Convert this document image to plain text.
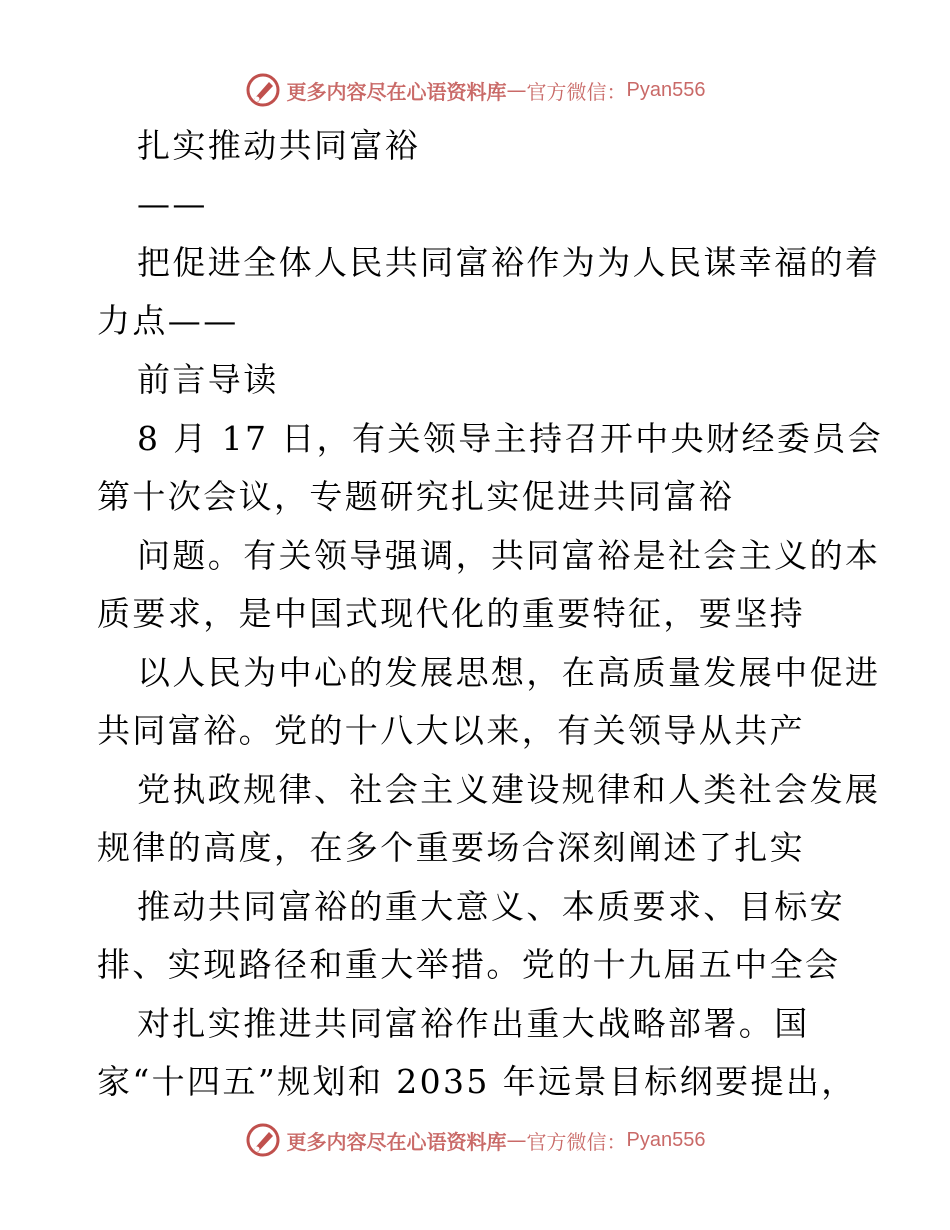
更多内容尽在心语资料库 — 官方微信： Pyan556
扎实推动共同富裕
——
把促进全体人民共同富裕作为为人民谋幸福的着
力点——
前言导读
8 月 17 日，有关领导主持召开中央财经委员会
第十次会议，专题研究扎实促进共同富裕
问题。有关领导强调，共同富裕是社会主义的本
质要求，是中国式现代化的重要特征，要坚持
以人民为中心的发展思想，在高质量发展中促进
共同富裕。党的十八大以来，有关领导从共产
党执政规律、社会主义建设规律和人类社会发展
规律的高度，在多个重要场合深刻阐述了扎实
推动共同富裕的重大意义、本质要求、目标安
排、实现路径和重大举措。党的十九届五中全会
对扎实推进共同富裕作出重大战略部署。国
家“十四五”规划和 2035 年远景目标纲要提出，
更多内容尽在心语资料库 — 官方微信： Pyan556
